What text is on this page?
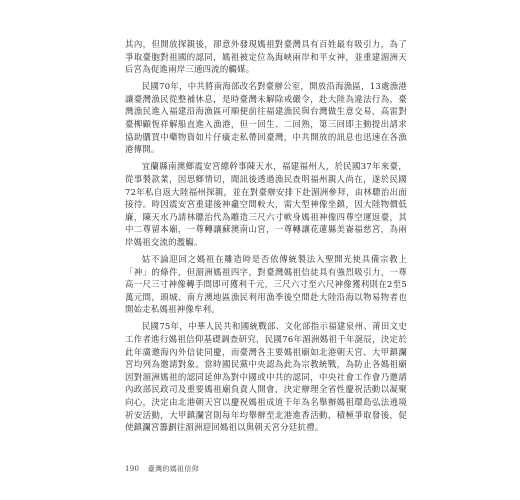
其內，但開放探親後，卻意外發現媽祖對臺灣具有百姓最有吸引力，為了爭取臺胞對祖國的認同，媽祖被定位為海峽兩岸和平女神，並重建湄洲天后宮為促進兩岸三通四流的觸媒。

民國70年，中共將南海部改名對臺辦公室，開放沿海漁區，13處漁港讓臺灣漁民從整補休息，是時臺灣未解除戒嚴令，赴大陸為違法行為，臺灣漁民進入福建沿海漁區可順便前往福建漁民與台灣做生意交易，高雷對臺柳顧恆祥解船直進入漁港，但一回生、二回熟，第三回即主動提出請求協助購買中藥物資如片仔癀走私帶回臺灣，中共開放的訊息也迅速在各漁港傳開。

宜蘭縣南澳鄉震安宮總幹事陳天水，福建福州人，於民國37年來臺，從事製款業，因思鄉情切，聞訊後透過漁民查明福州親人尚在，遂於民國72年私自返大陸福州探親，並在對臺辦安排下赴湄洲參拜，由林聰治出面接待。時因震安宮重建後神龕空間較大，需大型神像坐鎮，因大陸物價低廉，陳天水乃請林聰治代為雕造三尺六寸軟身媽祖神像四尊空運返臺，其中二尊留本廟，一尊轉讓蘇澳南山宮，一尊轉讓花蓮縣美崙福慈宮，為兩岸媽祖交流的濫觴。

姑不論迎回之媽祖在雕造時是否依傳統製法入聖開光使具備宗教上「神」的條件，但湄洲媽祖四字，對臺灣媽祖信徒具有強烈吸引力，一尊高一尺三寸神像轉手間即可獲利千元，三尺六寸至六尺神像獲利則在2至5萬元間，頭城、南方澳地區漁民利用漁季後空間赴大陸沿海以物易物者也開始走私媽祖神像牟利。

民國75年，中華人民共和國統戰部、文化部指示福建泉州、莆田文史工作者進行媽祖信仰基礎調查研究，民國76年湄洲媽祖千年誕辰，決定於此年廣邀海內外信徒同慶，而臺灣各主要媽祖廟如北港朝天宮、大甲鎮瀾宮均列為邀請對象。當時國民黨中央認為此為宗教統戰，為防止各媽祖廟因對湄洲媽祖的認同延伸為對中國或中共的認同，中央社會工作會乃邀請內政部民政司及重要媽祖廟負責人開會，決定辦理全省性慶祝活動以凝聚向心，決定由北港朝天宮以慶祝媽祖成道千年為名舉辦媽祖環島弘法遶境祈安活動，大甲鎮瀾宮則每年均舉辦至北港進香活動，積極爭取發後，促使鎮瀾宮籌劃往湄洲迎回媽祖以與朝天宮分廷抗禮。

190 臺灣的媽祖信仰
